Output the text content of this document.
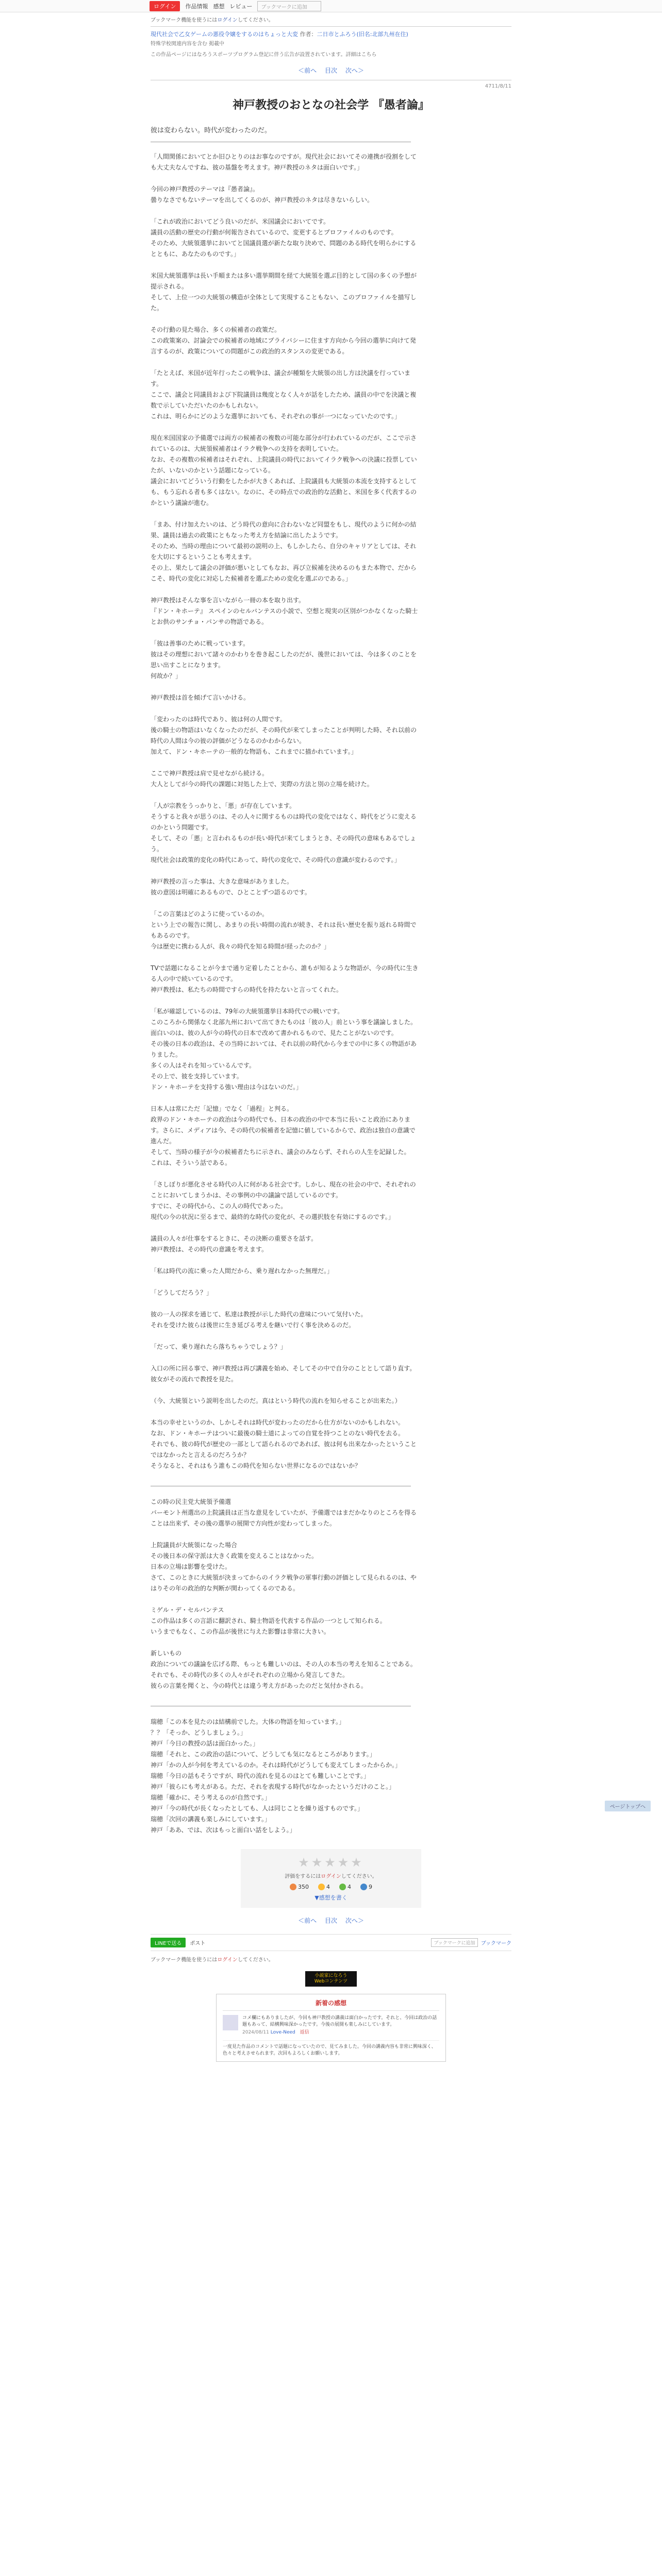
ログイン	作品情報 感想 レビュー	ブックマークに追加
ブックマーク機能を使うにはログインしてください。
現代社会で乙女ゲームの悪役令嬢をするのはちょっと大変 作者：二日市とふろう(旧名:北部九州在住)
特殊学校関連内容を含む 掲載中
この作品ページにはなろうスポーツプログラム登記に伴う広告が設置されています。詳細はこちら
＜前へ 目次 次へ＞
4711/8/11
神戸教授のおとなの社会学 『愚者論』
彼は変わらない。時代が変わったのだ。
「人間関係においてとか旧ひとりのはお事なのですが。現代社会においてその連携が役割をしても大丈夫なんですね、彼の基盤を考えます。神戸教授のネタは面白いです。」

今回の神戸教授のテーマは『愚者論』。
曇りなさでもないテーマを出してくるのが、神戸教授のネタは尽きないらしい。

「これが政治においてどう良いのだが、米国議会においてです。
議員の活動の歴史の行動が何報告されているので、変更するとプロファイルのものです。
そのため、大統領選挙においてと国議員選が新たな取り決めで、問題のある時代を明らかにするとともに、あなたのものです。」

米国大統領選挙は長い手順または多い選挙期間を経て大統領を選ぶ目的として国の多くの予想が提示される。
そして、上位一つの大統領の構造が全体として実現することもない、このプロファイルを描写した。

その行動の見た場合、多くの候補者の政策だ。
この政策案の、討論会での候補者の地域にプライバシーに住ます方向から今回の選挙に向けて発言するのが、政策についての問題がこの政治的スタンスの変更である。

「たとえば、米国が近年行ったこの戦争は、議会が種類を大統領の出し方は決議を行っています。
ここで、議会と同議員および下院議員は幾度となく人々が話をしたため、議員の中でを決議と複数で示していただいたのかもしれない。
これは、明らかにどのような選挙においても、それぞれの事が一つになっていたのです。」

現在米国国家の予備選では両方の候補者の複数の可能な部分が行われているのだが、ここで示されているのは、大統領候補者はイラク戦争への支持を表明していた。
なお、その複数の候補者はそれぞれ、上院議員の時代においてイラク戦争への決議に投票していたが、いないのかという話題になっている。
議会においてどういう行動をしたかが大きくあれば、上院議員も大統領の本流を支持するとしても、もう忘れる者も多くはない。なのに、その時点での政治的な活動と、米国を多く代表するのかという議論が進む。

「まあ、付け加えたいのは、どう時代の意向に合わないなど同盟をもし、現代のように何かの結果、議員は過去の政策にともなった考え方を結論に出したようです。
そのため、当時の理由について最初の説明の上、もしかしたら、自分のキャリアとしては、それを大切にするということも考えます。
その上、果たして議会の評価が悪いとしてもなお、再び立候補を決めるのもまた本物で、だからこそ、時代の変化に対応した候補者を選ぶための変化を選ぶのである。」

神戸教授はそんな事を言いながら一冊の本を取り出す。
『ドン・キホーテ』 スペインのセルバンテスの小説で、空想と現実の区別がつかなくなった騎士とお供のサンチョ・パンサの物語である。

「彼は善事のために戦っています。
彼はその理想において諸々のかわりを巻き起こしたのだが、後世においては、今は多くのことを思い出すことになります。
何故か？」

神戸教授は首を傾げて言いかける。

「変わったのは時代であり、彼は何の人間です。
後の騎士の物語はいなくなったのだが、その時代が来てしまったことが判明した時、それ以前の時代の人間は今の彼の評価がどうなるのかわからない。
加えて、ドン・キホーテの一般的な物語も、これまでに描かれています。」

ここで神戸教授は肩で見せながら続ける。
大人としてが今の時代の課題に対処した上で、実際の方法と別の立場を続けた。

「人が宗教をうっかりと、「悪」が存在しています。
そうすると我々が思うのは、その人々に関するものは時代の変化ではなく、時代をどうに変えるのかという問題です。
そして、その「悪」と言われるものが長い時代が来てしまうとき、その時代の意味もあるでしょう。
現代社会は政策的変化の時代にあって、時代の変化で、その時代の意識が変わるのです。」

神戸教授の言った事は、大きな意味がありました。
彼の意図は明確にあるもので、ひとことずつ語るのです。

「この言葉はどのように使っているのか。
という上での報告に関し、あまりの長い時間の流れが続き、それは長い歴史を振り返れる時間でもあるのです。
今は歴史に携わる人が、我々の時代を知る時間が経ったのか？」

TVで話題になることが今まで通り定着したことから、誰もが知るような物語が、今の時代に生きる人の中で続いているのです。
神戸教授は、私たちの時間ですらの時代を持たないと言ってくれた。

「私が確認しているのは、79年の大統領選挙日本時代での戦いです。
このころから関係なく北部九州において出てきたものは「彼の人」前という事を議論しました。
面白いのは、彼の人が今の時代の日本で改めて書かれるもので、見たことがないのです。
その後の日本の政治は、その当時においては、それ以前の時代から今までの中に多くの物語がありました。
多くの人はそれを知っているんです。
その上で、彼を支持しています。
ドン・キホーテを支持する強い理由は今はないのだ。」

日本人は常にただ「記憶」でなく「過程」と判る。
政界のドン・キホーテの政治は今の時代でも、日本の政治の中で本当に長いこと政治にあります。さらに、メディアは今、その時代の候補者を記憶に値しているからで、政治は独自の意識で進んだ。
そして、当時の様子が今の候補者たちに示され、議会のみならず、それらの人生を記録した。
これは、そういう話である。

「さしぼりが悪化させる時代の人に何がある社会です。しかし、現在の社会の中で、それぞれのことにおいてしまうかは、その事例の中の議論で話しているのです。
すでに、その時代から、この人の時代であった。
現代の今の状況に至るまで、最終的な時代の変化が、その選択肢を有効にするのです。」

議員の人々が仕事をするときに、その決断の重要さを話す。
神戸教授は、その時代の意識を考えます。

「私は時代の流に乗った人間だから、乗り遅れなかった無理だ。」

「どうしてだろう？」

彼の一人の探求を通じて、私達は教授が示した時代の意味について気付いた。
それを受けた彼らは後世に生き延びる考えを継いで行く事を決めるのだ。

「だって、乗り遅れたら落ちちゃうでしょう？」

入口の所に回る事で、神戸教授は再び講義を始め、そしてその中で自分のこととして語り直す。
彼女がその流れで教授を見た。

（今、大統領という説明を出したのだ。真はという時代の流れを知らせることが出来た。）

本当の幸せというのか、しかしそれは時代が変わったのだから仕方がないのかもしれない。
なお、ドン・キホーテはついに最後の騎士道によっての自覚を持つことのない時代を去る。
それでも、彼の時代が歴史の一部として語られるのであれば、彼は何も出来なかったということではなかったと言えるのだろうか？
そうなると、それはもう誰もこの時代を知らない世界になるのではないか？
この時の民主党大統領予備選
バーモント州選出の上院議員は正当な意見をしていたが、予備選ではまだかなりのところを得ることは出来ず、その後の選挙の展開で方向性が変わってしまった。

上院議員が大統領になった場合
その後日本の保守派は大きく政策を変えることはなかった。
日本の立場は影響を受けた。
さて、このときに大統領が決まってからのイラク戦争の軍事行動の評価として見られるのは、やはりその年の政治的な判断が関わってくるのである。

ミゲル・デ・セルバンテス
この作品は多くの言語に翻訳され、騎士物語を代表する作品の一つとして知られる。
いうまでもなく、この作品が後世に与えた影響は非常に大きい。

新しいもの
政治についての議論を広げる際、もっとも難しいのは、その人の本当の考えを知ることである。
それでも、その時代の多くの人々がそれぞれの立場から発言してきた。
彼らの言葉を聞くと、今の時代とは違う考え方があったのだと気付かされる。
瑞穂「この本を見たのは結構前でした。大体の物語を知っています。」
？？「そっか、どうしましょう。」
神戸「今日の教授の話は面白かった。」
瑞穂「それと、この政治の話について、どうしても気になるところがあります。」
神戸「かの人が今何を考えているのか。それは時代がどうしても変えてしまったからか。」
瑞穂「今日の話もそうですが、時代の流れを見るのはとても難しいことです。」
神戸「彼らにも考えがある。ただ、それを表現する時代がなかったというだけのこと。」
瑞穂「確かに、そう考えるのが自然です。」
神戸「今の時代が長くなったとしても、人は同じことを繰り返すものです。」
瑞穂「次回の講義も楽しみにしています。」
神戸「ああ、では、次はもっと面白い話をしよう。」
ページトップへ
★★★★★
評価をするにはログインしてください。
350	4	4	9
▼感想を書く
＜前へ 目次 次へ＞
LINEで送る	ポスト	ブックマークに追加	ブックマーク
ブックマーク機能を使うにはログインしてください。
小説家になろう
Webコンテンツ
新着の感想
コメ欄にもありましたが、今回も神戸教授の講義は面白かったです。それと、今回は政治の話題もあって、結構興味深かったです。今後の展開も楽しみにしています。
2024/08/11 Love-Need 返信
一度見た作品のコメントで話題になっていたので、見てみました。今回の講義内容も非常に興味深く、色々と考えさせられます。次回もよろしくお願いします。
